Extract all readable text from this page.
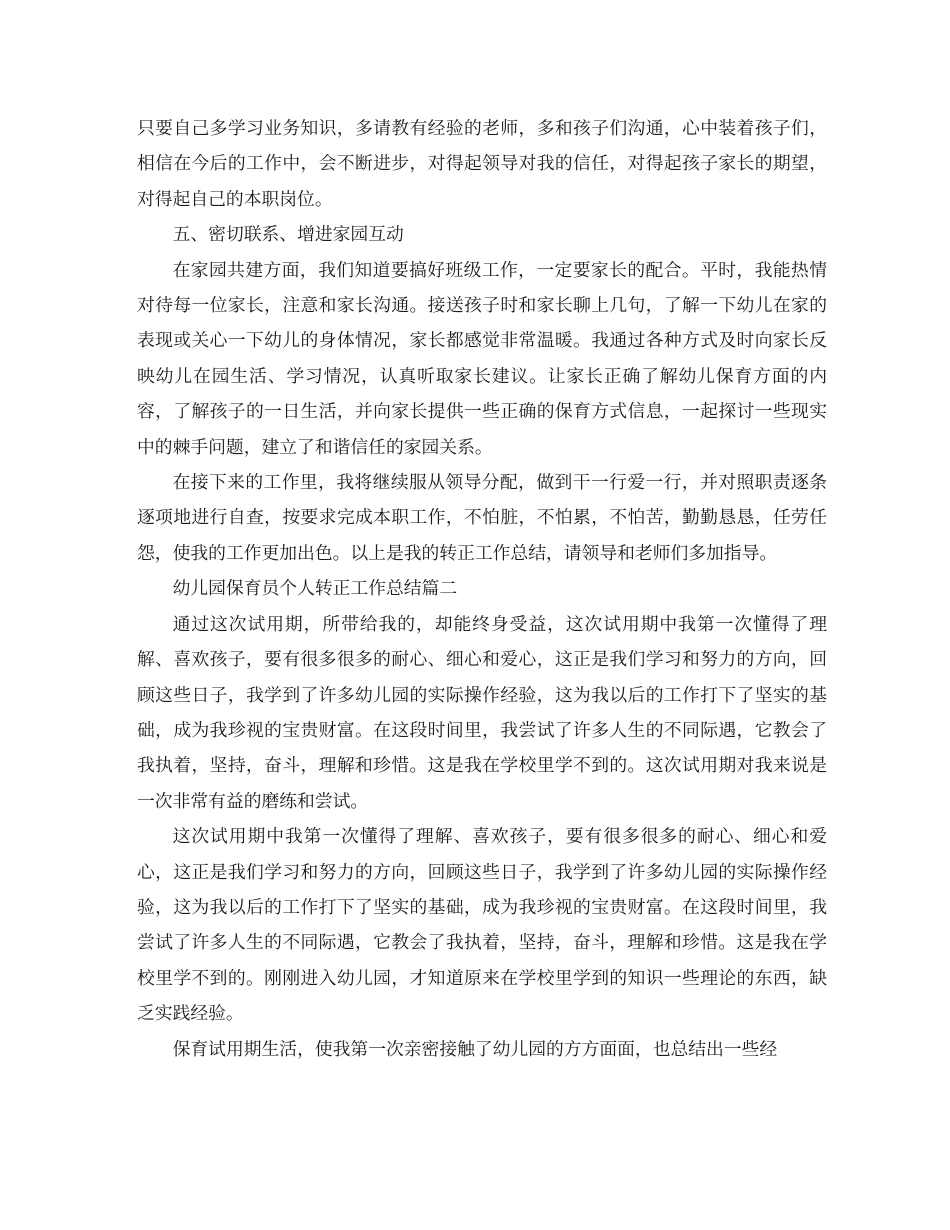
只要自己多学习业务知识，多请教有经验的老师，多和孩子们沟通，心中装着孩子们，相信在今后的工作中，会不断进步，对得起领导对我的信任，对得起孩子家长的期望，对得起自己的本职岗位。

五、密切联系、增进家园互动

在家园共建方面，我们知道要搞好班级工作，一定要家长的配合。平时，我能热情对待每一位家长，注意和家长沟通。接送孩子时和家长聊上几句，了解一下幼儿在家的表现或关心一下幼儿的身体情况，家长都感觉非常温暖。我通过各种方式及时向家长反映幼儿在园生活、学习情况，认真听取家长建议。让家长正确了解幼儿保育方面的内容，了解孩子的一日生活，并向家长提供一些正确的保育方式信息，一起探讨一些现实中的棘手问题，建立了和谐信任的家园关系。

在接下来的工作里，我将继续服从领导分配，做到干一行爱一行，并对照职责逐条逐项地进行自查，按要求完成本职工作，不怕脏，不怕累，不怕苦，勤勤恳恳，任劳任怨，使我的工作更加出色。以上是我的转正工作总结，请领导和老师们多加指导。

幼儿园保育员个人转正工作总结篇二

通过这次试用期，所带给我的，却能终身受益，这次试用期中我第一次懂得了理解、喜欢孩子，要有很多很多的耐心、细心和爱心，这正是我们学习和努力的方向，回顾这些日子，我学到了许多幼儿园的实际操作经验，这为我以后的工作打下了坚实的基础，成为我珍视的宝贵财富。在这段时间里，我尝试了许多人生的不同际遇，它教会了我执着，坚持，奋斗，理解和珍惜。这是我在学校里学不到的。这次试用期对我来说是一次非常有益的磨练和尝试。

这次试用期中我第一次懂得了理解、喜欢孩子，要有很多很多的耐心、细心和爱心，这正是我们学习和努力的方向，回顾这些日子，我学到了许多幼儿园的实际操作经验，这为我以后的工作打下了坚实的基础，成为我珍视的宝贵财富。在这段时间里，我尝试了许多人生的不同际遇，它教会了我执着，坚持，奋斗，理解和珍惜。这是我在学校里学不到的。刚刚进入幼儿园，才知道原来在学校里学到的知识一些理论的东西，缺乏实践经验。

保育试用期生活，使我第一次亲密接触了幼儿园的方方面面，也总结出一些经
